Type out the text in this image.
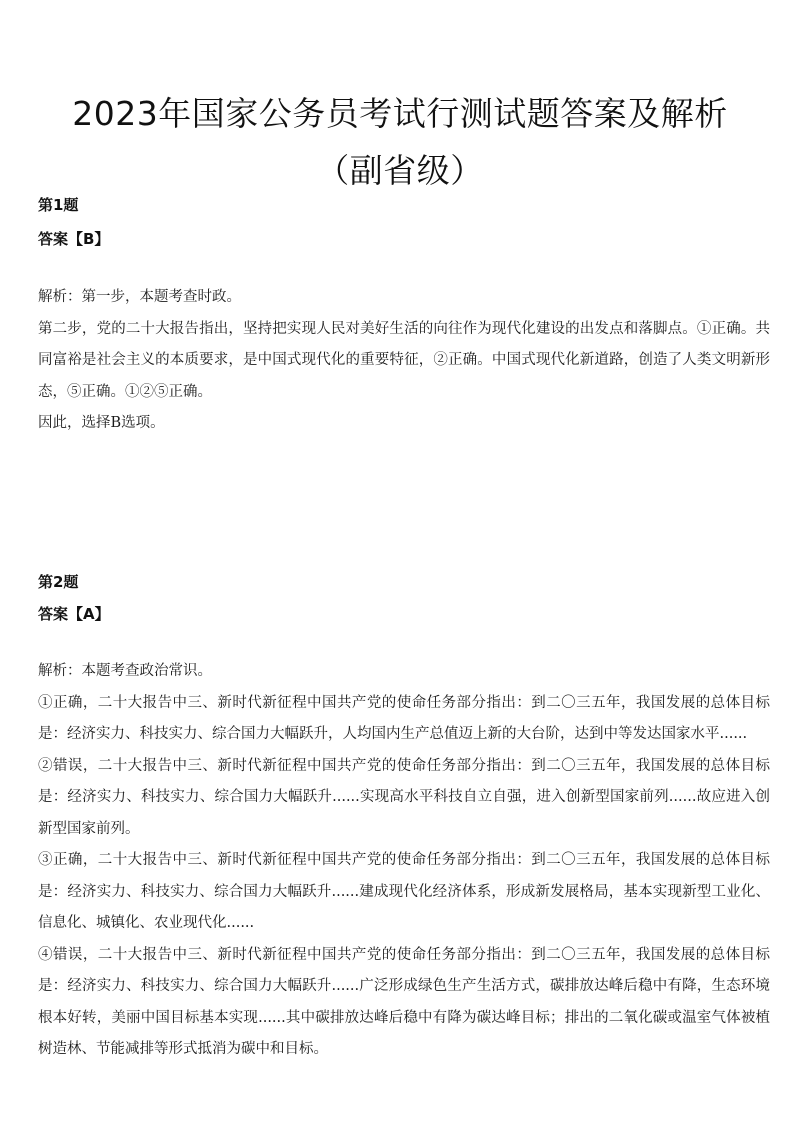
2023年国家公务员考试行测试题答案及解析
（副省级）
第1题
答案【B】

解析：第一步，本题考查时政。

第二步，党的二十大报告指出，坚持把实现人民对美好生活的向往作为现代化建设的出发点和落脚点。①正确。共同富裕是社会主义的本质要求，是中国式现代化的重要特征，②正确。中国式现代化新道路，创造了人类文明新形态，⑤正确。①②⑤正确。

因此，选择B选项。

第2题
答案【A】

解析：本题考查政治常识。

①正确，二十大报告中三、新时代新征程中国共产党的使命任务部分指出：到二〇三五年，我国发展的总体目标是：经济实力、科技实力、综合国力大幅跃升，人均国内生产总值迈上新的大台阶，达到中等发达国家水平......

②错误，二十大报告中三、新时代新征程中国共产党的使命任务部分指出：到二〇三五年，我国发展的总体目标是：经济实力、科技实力、综合国力大幅跃升......实现高水平科技自立自强，进入创新型国家前列......故应进入创新型国家前列。

③正确，二十大报告中三、新时代新征程中国共产党的使命任务部分指出：到二〇三五年，我国发展的总体目标是：经济实力、科技实力、综合国力大幅跃升......建成现代化经济体系，形成新发展格局，基本实现新型工业化、信息化、城镇化、农业现代化......

④错误，二十大报告中三、新时代新征程中国共产党的使命任务部分指出：到二〇三五年，我国发展的总体目标是：经济实力、科技实力、综合国力大幅跃升......广泛形成绿色生产生活方式，碳排放达峰后稳中有降，生态环境根本好转，美丽中国目标基本实现......其中碳排放达峰后稳中有降为碳达峰目标；排出的二氧化碳或温室气体被植树造林、节能减排等形式抵消为碳中和目标。
